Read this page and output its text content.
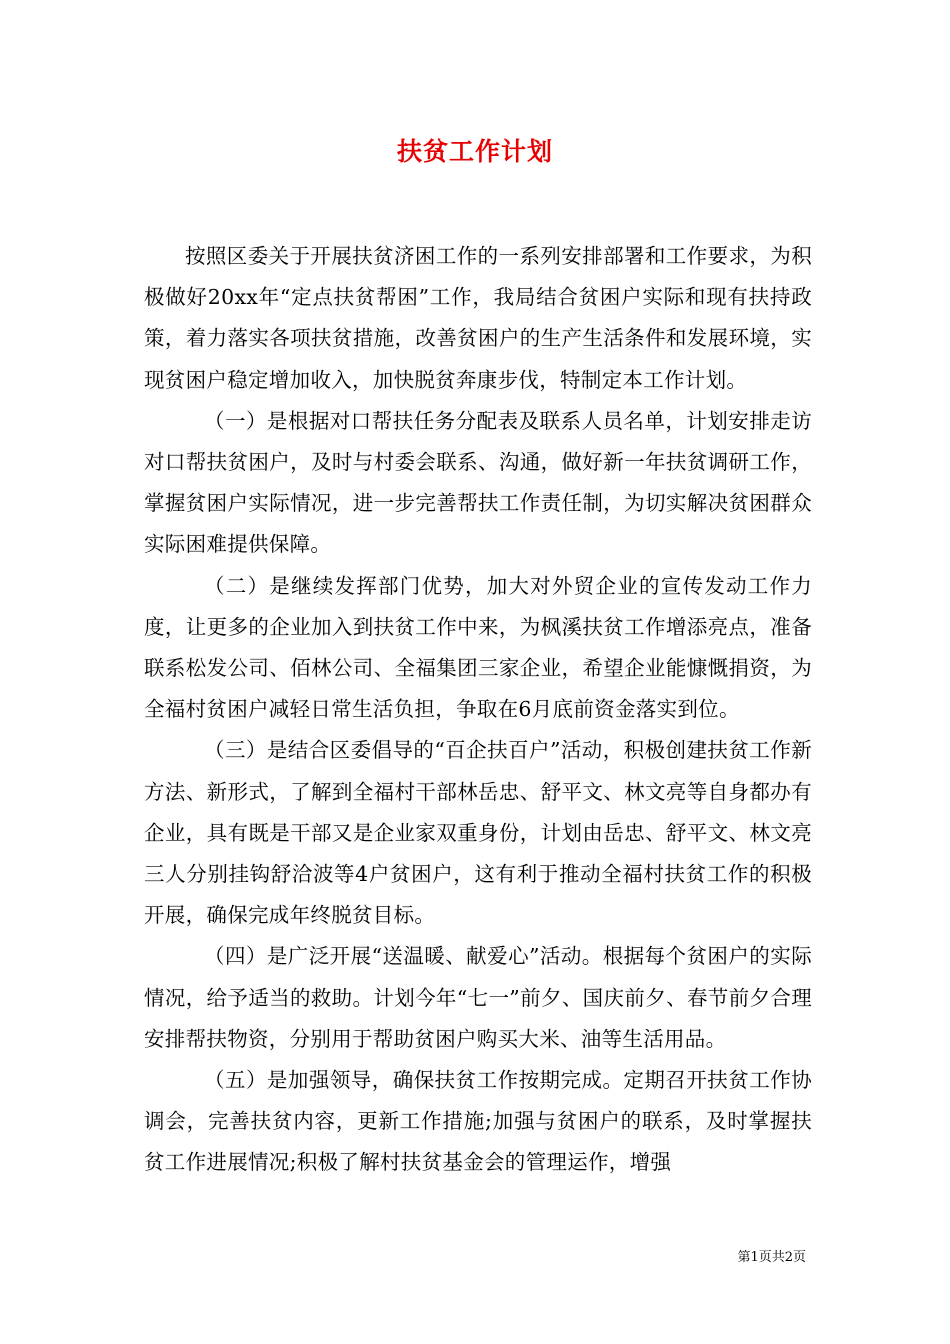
扶贫工作计划

按照区委关于开展扶贫济困工作的一系列安排部署和工作要求，为积极做好20xx年“定点扶贫帮困”工作，我局结合贫困户实际和现有扶持政策，着力落实各项扶贫措施，改善贫困户的生产生活条件和发展环境，实现贫困户稳定增加收入，加快脱贫奔康步伐，特制定本工作计划。

（一）是根据对口帮扶任务分配表及联系人员名单，计划安排走访对口帮扶贫困户，及时与村委会联系、沟通，做好新一年扶贫调研工作，掌握贫困户实际情况，进一步完善帮扶工作责任制，为切实解决贫困群众实际困难提供保障。

（二）是继续发挥部门优势，加大对外贸企业的宣传发动工作力度，让更多的企业加入到扶贫工作中来，为枫溪扶贫工作增添亮点，准备联系松发公司、佰林公司、全福集团三家企业，希望企业能慷慨捐资，为全福村贫困户减轻日常生活负担，争取在6月底前资金落实到位。

（三）是结合区委倡导的“百企扶百户”活动，积极创建扶贫工作新方法、新形式，了解到全福村干部林岳忠、舒平文、林文亮等自身都办有企业，具有既是干部又是企业家双重身份，计划由岳忠、舒平文、林文亮三人分别挂钩舒洽波等4户贫困户，这有利于推动全福村扶贫工作的积极开展，确保完成年终脱贫目标。

（四）是广泛开展“送温暖、献爱心”活动。根据每个贫困户的实际情况，给予适当的救助。计划今年“七一”前夕、国庆前夕、春节前夕合理安排帮扶物资，分别用于帮助贫困户购买大米、油等生活用品。

（五）是加强领导，确保扶贫工作按期完成。定期召开扶贫工作协调会，完善扶贫内容，更新工作措施;加强与贫困户的联系，及时掌握扶贫工作进展情况;积极了解村扶贫基金会的管理运作，增强

第1页共2页
